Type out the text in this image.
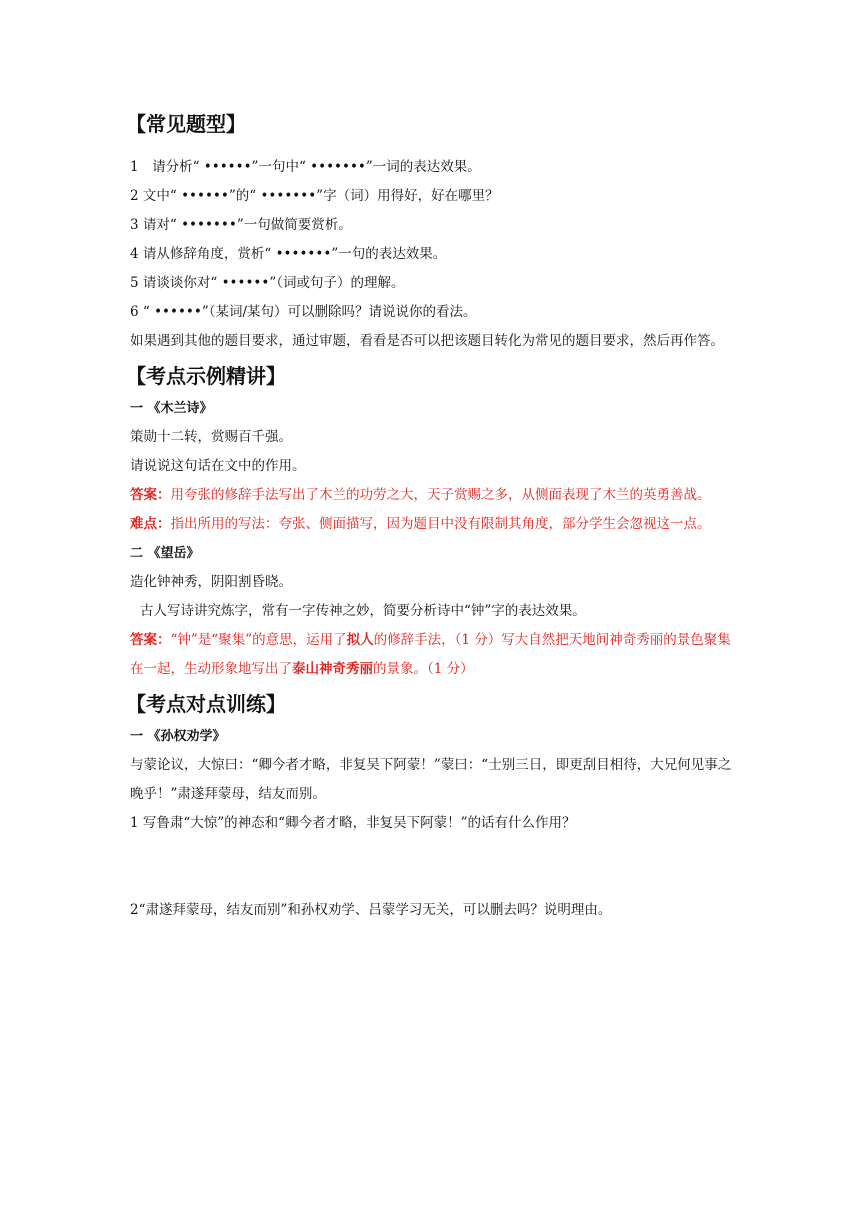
【常见题型】
1　请分析“ ••••••”一句中“ •••••••”一词的表达效果。
2 文中“ ••••••”的“ •••••••”字（词）用得好，好在哪里？
3 请对“ •••••••”一句做简要赏析。
4 请从修辞角度，赏析“ •••••••”一句的表达效果。
5 请谈谈你对“ ••••••”（词或句子）的理解。
6 “ ••••••”（某词/某句）可以删除吗？请说说你的看法。
如果遇到其他的题目要求，通过审题，看看是否可以把该题目转化为常见的题目要求，然后再作答。
【考点示例精讲】
一 《木兰诗》
策勋十二转，赏赐百千强。
请说说这句话在文中的作用。
答案：用夸张的修辞手法写出了木兰的功劳之大，天子赏赐之多，从侧面表现了木兰的英勇善战。
难点：指出所用的写法：夸张、侧面描写，因为题目中没有限制其角度，部分学生会忽视这一点。
二 《望岳》
造化钟神秀，阴阳割昏晓。
古人写诗讲究炼字，常有一字传神之妙，简要分析诗中“钟”字的表达效果。
答案：“钟”是“聚集”的意思，运用了拟人的修辞手法，（1 分）写大自然把天地间神奇秀丽的景色聚集在一起，生动形象地写出了泰山神奇秀丽的景象。（1 分）
【考点对点训练】
一 《孙权劝学》
与蒙论议，大惊曰：“卿今者才略，非复吴下阿蒙！”蒙曰：“士别三日，即更刮目相待，大兄何见事之晚乎！”肃遂拜蒙母，结友而别。
1 写鲁肃“大惊”的神态和“卿今者才略，非复吴下阿蒙！”的话有什么作用？
2“肃遂拜蒙母，结友而别”和孙权劝学、吕蒙学习无关，可以删去吗？说明理由。
